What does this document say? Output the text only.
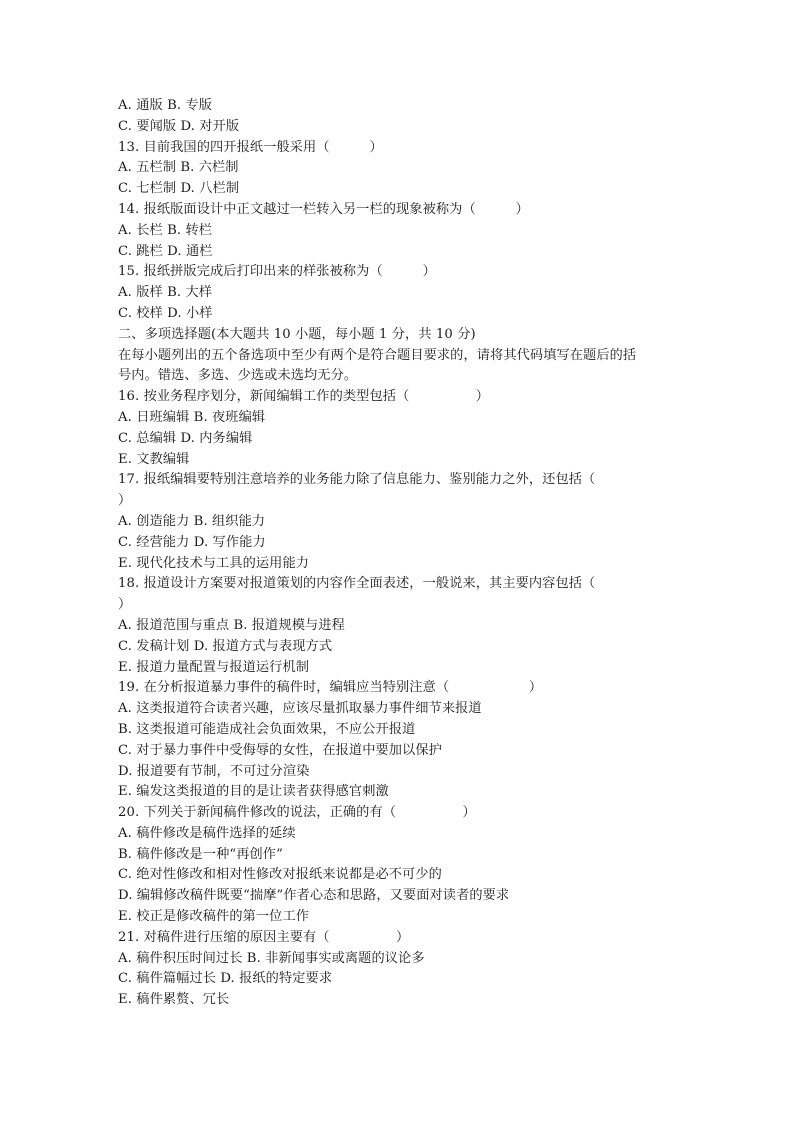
A. 通版 B. 专版
C. 要闻版 D. 对开版
13. 目前我国的四开报纸一般采用（　　　）
A. 五栏制 B. 六栏制
C. 七栏制 D. 八栏制
14. 报纸版面设计中正文越过一栏转入另一栏的现象被称为（　　　）
A. 长栏 B. 转栏
C. 跳栏 D. 通栏
15. 报纸拼版完成后打印出来的样张被称为（　　　）
A. 版样 B. 大样
C. 校样 D. 小样
二、多项选择题(本大题共 10 小题，每小题 1 分，共 10 分)
在每小题列出的五个备选项中至少有两个是符合题目要求的，请将其代码填写在题后的括
号内。错选、多选、少选或未选均无分。
16. 按业务程序划分，新闻编辑工作的类型包括（　　　　　）
A. 日班编辑 B. 夜班编辑
C. 总编辑 D. 内务编辑
E. 文教编辑
17. 报纸编辑要特别注意培养的业务能力除了信息能力、鉴别能力之外，还包括（
）
A. 创造能力 B. 组织能力
C. 经营能力 D. 写作能力
E. 现代化技术与工具的运用能力
18. 报道设计方案要对报道策划的内容作全面表述，一般说来，其主要内容包括（
）
A. 报道范围与重点 B. 报道规模与进程
C. 发稿计划 D. 报道方式与表现方式
E. 报道力量配置与报道运行机制
19. 在分析报道暴力事件的稿件时，编辑应当特别注意（　　　　　　）
A. 这类报道符合读者兴趣，应该尽量抓取暴力事件细节来报道
B. 这类报道可能造成社会负面效果，不应公开报道
C. 对于暴力事件中受侮辱的女性，在报道中要加以保护
D. 报道要有节制，不可过分渲染
E. 编发这类报道的目的是让读者获得感官刺激
20. 下列关于新闻稿件修改的说法，正确的有（　　　　　）
A. 稿件修改是稿件选择的延续
B. 稿件修改是一种“再创作”
C. 绝对性修改和相对性修改对报纸来说都是必不可少的
D. 编辑修改稿件既要“揣摩”作者心态和思路，又要面对读者的要求
E. 校正是修改稿件的第一位工作
21. 对稿件进行压缩的原因主要有（　　　　　）
A. 稿件积压时间过长 B. 非新闻事实或离题的议论多
C. 稿件篇幅过长 D. 报纸的特定要求
E. 稿件累赘、冗长
